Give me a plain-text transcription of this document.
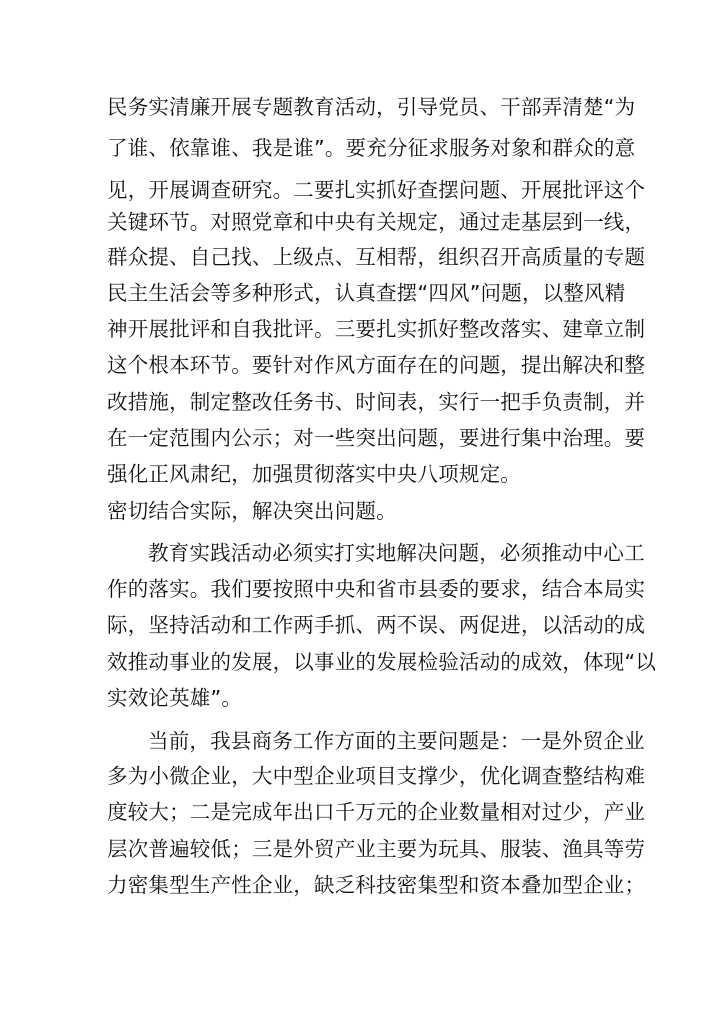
民务实清廉开展专题教育活动，引导党员、干部弄清楚“为
了谁、依靠谁、我是谁”。要充分征求服务对象和群众的意
见，开展调查研究。二要扎实抓好查摆问题、开展批评这个
关键环节。对照党章和中央有关规定，通过走基层到一线，
群众提、自己找、上级点、互相帮，组织召开高质量的专题
民主生活会等多种形式，认真查摆“四风”问题，以整风精
神开展批评和自我批评。三要扎实抓好整改落实、建章立制
这个根本环节。要针对作风方面存在的问题，提出解决和整
改措施，制定整改任务书、时间表，实行一把手负责制，并
在一定范围内公示；对一些突出问题，要进行集中治理。要
强化正风肃纪，加强贯彻落实中央八项规定。
密切结合实际，解决突出问题。
教育实践活动必须实打实地解决问题，必须推动中心工
作的落实。我们要按照中央和省市县委的要求，结合本局实
际，坚持活动和工作两手抓、两不误、两促进，以活动的成
效推动事业的发展，以事业的发展检验活动的成效，体现“以
实效论英雄”。
当前，我县商务工作方面的主要问题是：一是外贸企业
多为小微企业，大中型企业项目支撑少，优化调查整结构难
度较大；二是完成年出口千万元的企业数量相对过少，产业
层次普遍较低；三是外贸产业主要为玩具、服装、渔具等劳
力密集型生产性企业，缺乏科技密集型和资本叠加型企业；
